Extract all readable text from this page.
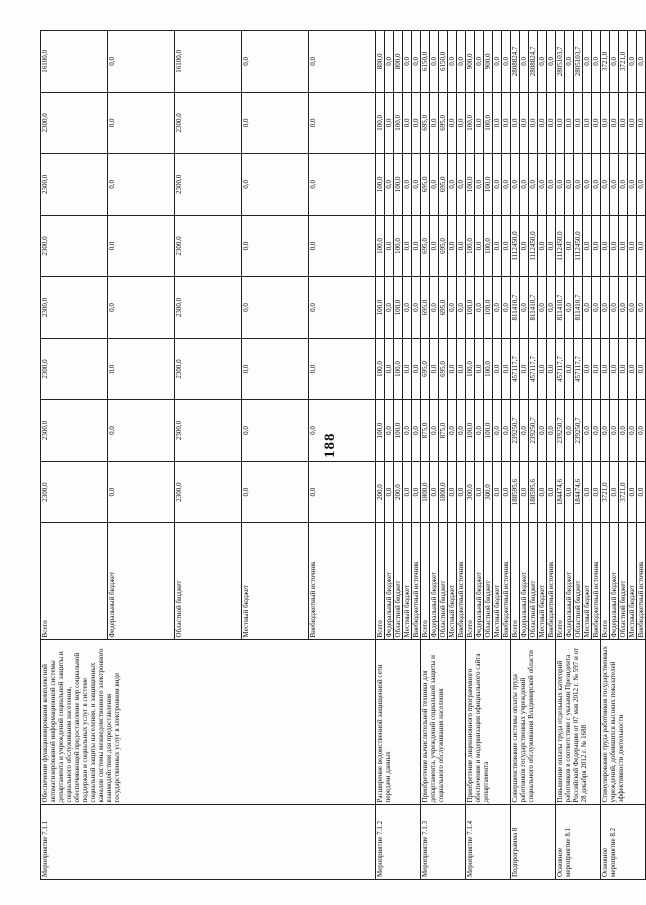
188
Мероприятие 7.1.1	Обеспечение функционирования комплексной автоматизированной информационной системы департамента и учреждений социальной защиты и социального обслуживания населения, обеспечивающей предоставление мер социальной поддержки и социальных услуг в системе социальной защиты населения, и защищенных каналов системы межведомственного электронного взаимодействия для предоставления государственных услуг в электронном виде	Всего	2300,0	2300,0	2300,0	2300,0	2300,0	2300,0	2300,0	16100,0
		Федеральный бюджет	0,0	0,0	0,0	0,0	0,0	0,0	0,0	0,0
		Областной бюджет	2300,0	2300,0	2300,0	2300,0	2300,0	2300,0	2300,0	16100,0
		Местный бюджет	0,0	0,0	0,0	0,0	0,0	0,0	0,0	0,0
		Внебюджетный источник	0,0	0,0	0,0	0,0	0,0	0,0	0,0	0,0
Мероприятие 7.1.2	Расширение ведомственной защищенной сети передачи данных	Всего	200,0	100,0	100,0	100,0	100,0	100,0	100,0	800,0
		Федеральный бюджет	0,0	0,0	0,0	0,0	0,0	0,0	0,0	0,0
		Областной бюджет	200,0	100,0	100,0	100,0	100,0	100,0	100,0	800,0
		Местный бюджет	0,0	0,0	0,0	0,0	0,0	0,0	0,0	0,0
		Внебюджетный источник	0,0	0,0	0,0	0,0	0,0	0,0	0,0	0,0
Мероприятие 7.1.3	Приобретение вычислительной техники для департамента, учреждений социальной защиты и социального обслуживания населения	Всего	1800,0	875,0	695,0	695,0	695,0	695,0	695,0	6150,0
		Федеральный бюджет	0,0	0,0	0,0	0,0	0,0	0,0	0,0	0,0
		Областной бюджет	1800,0	875,0	695,0	695,0	695,0	695,0	695,0	6150,0
		Местный бюджет	0,0	0,0	0,0	0,0	0,0	0,0	0,0	0,0
		Внебюджетный источник	0,0	0,0	0,0	0,0	0,0	0,0	0,0	0,0
Мероприятие 7.1.4	Приобретение лицензионного программного обеспечения и модернизация официального сайта департамента	Всего	300,0	100,0	100,0	100,0	100,0	100,0	100,0	900,0
		Федеральный бюджет	0,0	0,0	0,0	0,0	0,0	0,0	0,0	0,0
		Областной бюджет	300,0	100,0	100,0	100,0	100,0	100,0	100,0	900,0
		Местный бюджет	0,0	0,0	0,0	0,0	0,0	0,0	0,0	0,0
		Внебюджетный источник	0,0	0,0	0,0	0,0	0,0	0,0	0,0	0,0
Подпрограмма 8	Совершенствование системы оплаты труда работников государственных учреждений социального обслуживания Владимирской области	Всего	188595,6	239250,7	457117,7	811410,7	1112450,0	0,0	0,0	2808824,7
		Федеральный бюджет	0,0	0,0	0,0	0,0	0,0	0,0	0,0	0,0
		Областной бюджет	188595,6	239250,7	457117,7	811410,7	1112450,0	0,0	0,0	2808824,7
		Местный бюджет	0,0	0,0	0,0	0,0	0,0	0,0	0,0	0,0
		Внебюджетный источник	0,0	0,0	0,0	0,0	0,0	0,0	0,0	0,0
Основное мероприятие 8.1	Повышение оплаты труда отдельных категорий работников в соответствии с указами Президента Российской Федерации от 07 мая 2012 г. № 597 и от 28 декабря 2012 г. № 1688	Всего	184474,6	239250,7	457117,7	811410,7	1112450,0	0,0	0,0	2805103,7
		Федеральный бюджет	0,0	0,0	0,0	0,0	0,0	0,0	0,0	0,0
		Областной бюджет	184474,6	239250,7	457117,7	811410,7	1112450,0	0,0	0,0	2805103,7
		Местный бюджет	0,0	0,0	0,0	0,0	0,0	0,0	0,0	0,0
		Внебюджетный источник	0,0	0,0	0,0	0,0	0,0	0,0	0,0	0,0
Основное мероприятие 8.2	Стимулирование труда работников государственных учреждений, добившихся высоких показателей эффективности деятельности	Всего	3721,0	0,0	0,0	0,0	0,0	0,0	0,0	3721,0
		Федеральный бюджет	0,0	0,0	0,0	0,0	0,0	0,0	0,0	0,0
		Областной бюджет	3721,0	0,0	0,0	0,0	0,0	0,0	0,0	3721,0
		Местный бюджет	0,0	0,0	0,0	0,0	0,0	0,0	0,0	0,0
		Внебюджетный источник	0,0	0,0	0,0	0,0	0,0	0,0	0,0	0,0
